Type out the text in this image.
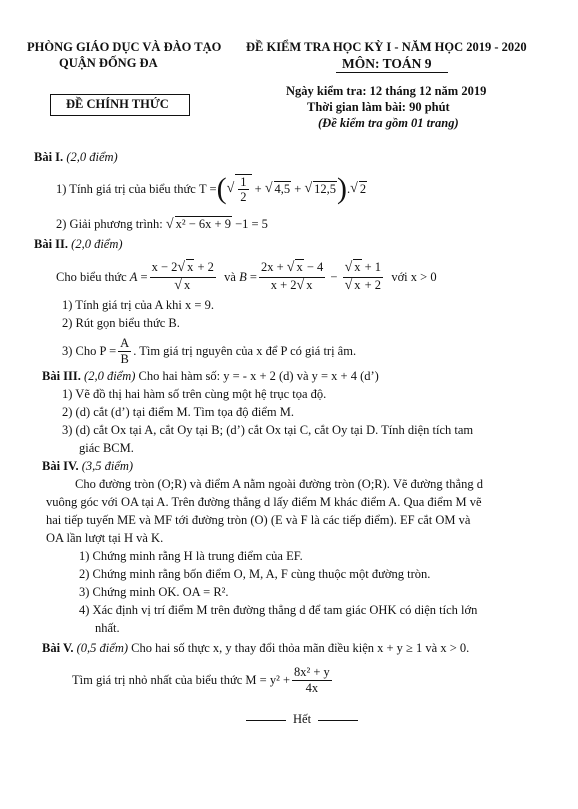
PHÒNG GIÁO DỤC VÀ ĐÀO TẠO
QUẬN ĐỐNG ĐA
ĐỀ KIỂM TRA HỌC KỲ I - NĂM HỌC 2019 - 2020
MÔN: TOÁN 9
ĐỀ CHÍNH THỨC
Ngày kiểm tra: 12 tháng 12 năm 2019
Thời gian làm bài: 90 phút
(Đề kiểm tra gồm 01 trang)
Bài I. (2,0 điểm)
1) Tính giá trị của biểu thức
T = ( √ $\frac{1}{2}$ + √ 4,5 + √ 12,5 ) . √ 2
2) Giải phương trình: √ x² − 6x + 9 −1 = 5
Bài II. (2,0 điểm)
Cho biểu thức
$A = \frac{x - 2√ x + 2}{√ x}$
và
$B = \frac{2x + √ x - 4}{x + 2√ x} - \frac{√ x + 1}{√ x + 2}$
với x > 0
1) Tính giá trị của A khi x = 9.
2) Rút gọn biểu thức B.
3) Cho $P = \frac{A}{B}$ . Tìm giá trị nguyên của x để P có giá trị âm.
Bài III. (2,0 điểm) Cho hai hàm số: y = - x + 2 (d) và y = x + 4 (d’)
1) Vẽ đồ thị hai hàm số trên cùng một hệ trục tọa độ.
2) (d) cắt (d’) tại điểm M. Tìm tọa độ điểm M.
3) (d) cắt Ox tại A, cắt Oy tại B; (d’) cắt Ox tại C, cắt Oy tại D. Tính diện tích tam
giác BCM.
Bài IV. (3,5 điểm)
Cho đường tròn (O;R) và điểm A nằm ngoài đường tròn (O;R). Vẽ đường thẳng d
vuông góc với OA tại A. Trên đường thẳng d lấy điểm M khác điểm A. Qua điểm M vẽ
hai tiếp tuyến ME và MF tới đường tròn (O) (E và F là các tiếp điểm). EF cắt OM và
OA lần lượt tại H và K.
1) Chứng minh rằng H là trung điểm của EF.
2) Chứng minh rằng bốn điểm O, M, A, F cùng thuộc một đường tròn.
3) Chứng minh OK. OA = R².
4) Xác định vị trí điểm M trên đường thẳng d để tam giác OHK có diện tích lớn
nhất.
Bài V. (0,5 điểm) Cho hai số thực x, y thay đổi thỏa mãn điều kiện x + y ≥ 1 và x > 0.
Tìm giá trị nhỏ nhất của biểu thức
$M = y^2 + \frac{\text{8x² + y}}{4x}$
Hết
